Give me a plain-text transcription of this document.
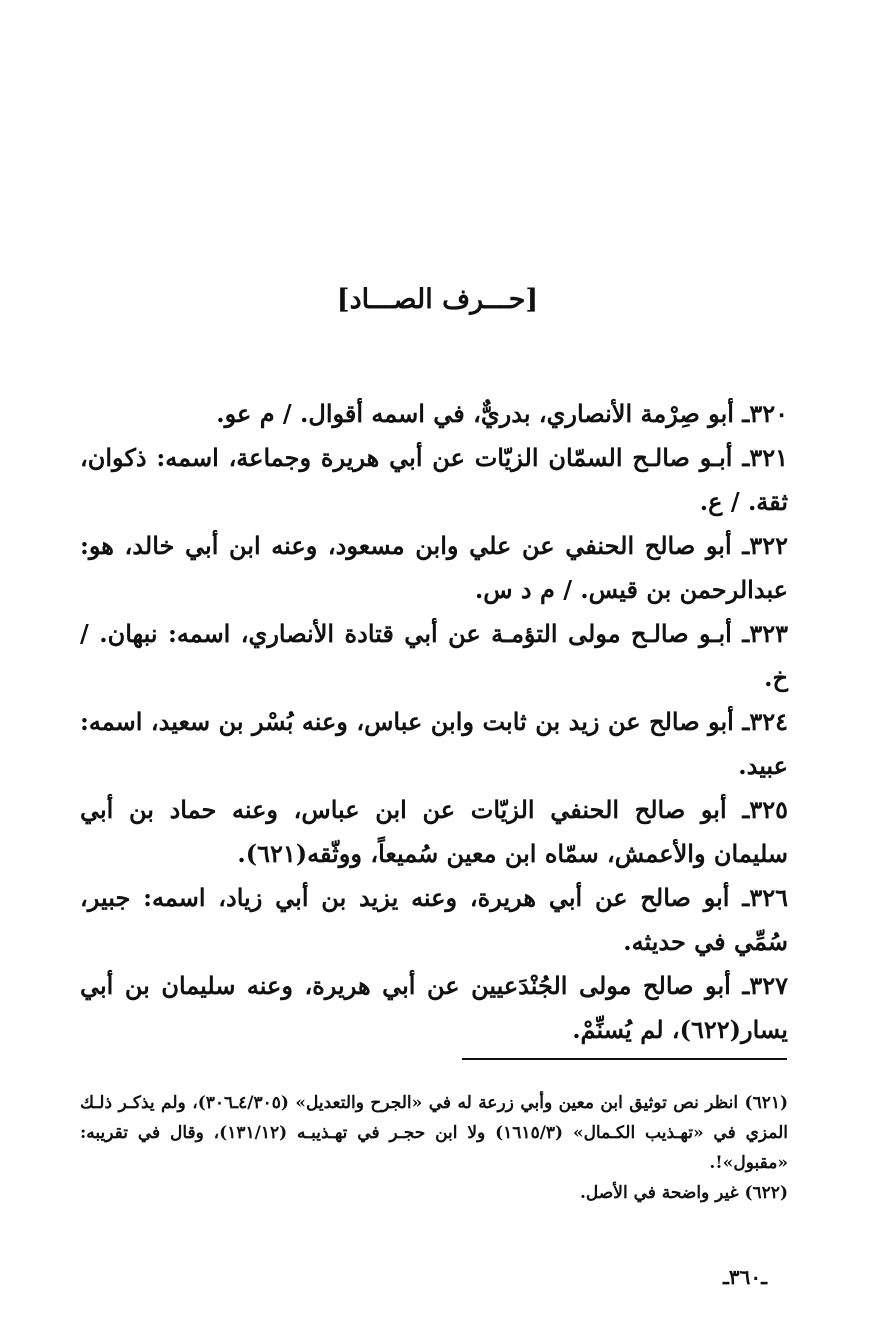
[حـــرف الصـــاد]

٣٢٠ـ أبو صِرْمة الأنصاري، بدريٌّ، في اسمه أقوال. / م عو.

٣٢١ـ أبـو صالـح السمّان الزيّات عن أبي هريرة وجماعة، اسمه: ذكوان، ثقة. / ع.

٣٢٢ـ أبو صالح الحنفي عن علي وابن مسعود، وعنه ابن أبي خالد، هو: عبدالرحمن بن قيس. / م د س.

٣٢٣ـ أبـو صالـح مولى التؤمـة عن أبي قتادة الأنصاري، اسمه: نبهان. / خ.

٣٢٤ـ أبو صالح عن زيد بن ثابت وابن عباس، وعنه بُسْر بن سعيد، اسمه: عبيد.

٣٢٥ـ أبو صالح الحنفي الزيّات عن ابن عباس، وعنه حماد بن أبي سليمان والأعمش، سمّاه ابن معين سُميعاً، ووثّقه(٦٢١).

٣٢٦ـ أبو صالح عن أبي هريرة، وعنه يزيد بن أبي زياد، اسمه: جبير، سُمِّي في حديثه.

٣٢٧ـ أبو صالح مولى الجُنْدَعيين عن أبي هريرة، وعنه سليمان بن أبي يسار(٦٢٢)، لم يُسنِّمْ.

(٦٢١) انظر نص توثيق ابن معين وأبي زرعة له في «الجرح والتعديل» (٤/٣٠٥ـ٣٠٦)، ولم يذكـر ذلـك المزي في «تهـذيب الكـمال» (١٦١٥/٣) ولا ابن حجـر في تهـذيبـه (١٣١/١٢)، وقال في تقريبه: «مقبول»!.

(٦٢٢) غير واضحة في الأصل.

ـ٣٦٠ـ
